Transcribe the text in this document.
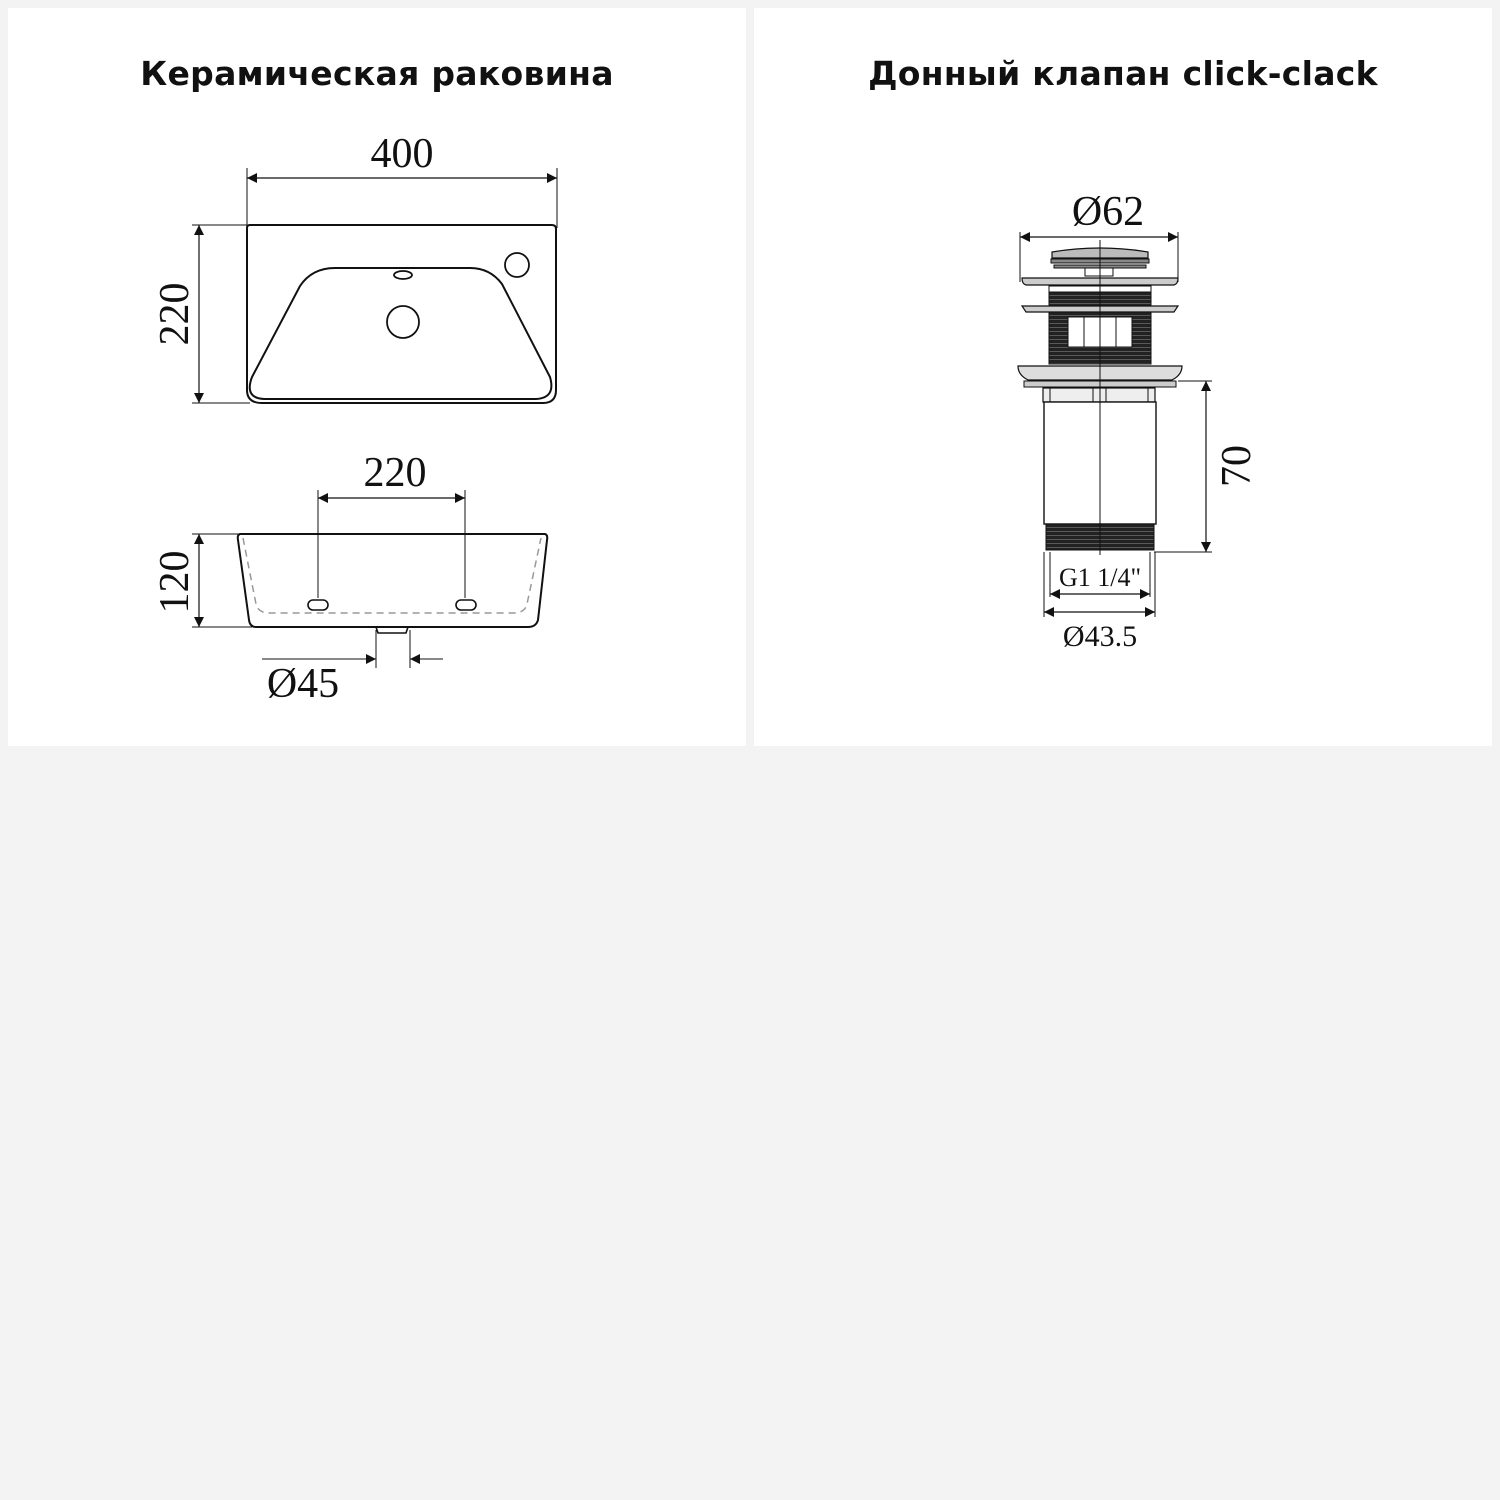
Керамическая раковина
400
220
220
120
Ø45
Донный клапан click-clack
Ø62
70
G1 1/4"
Ø43.5
